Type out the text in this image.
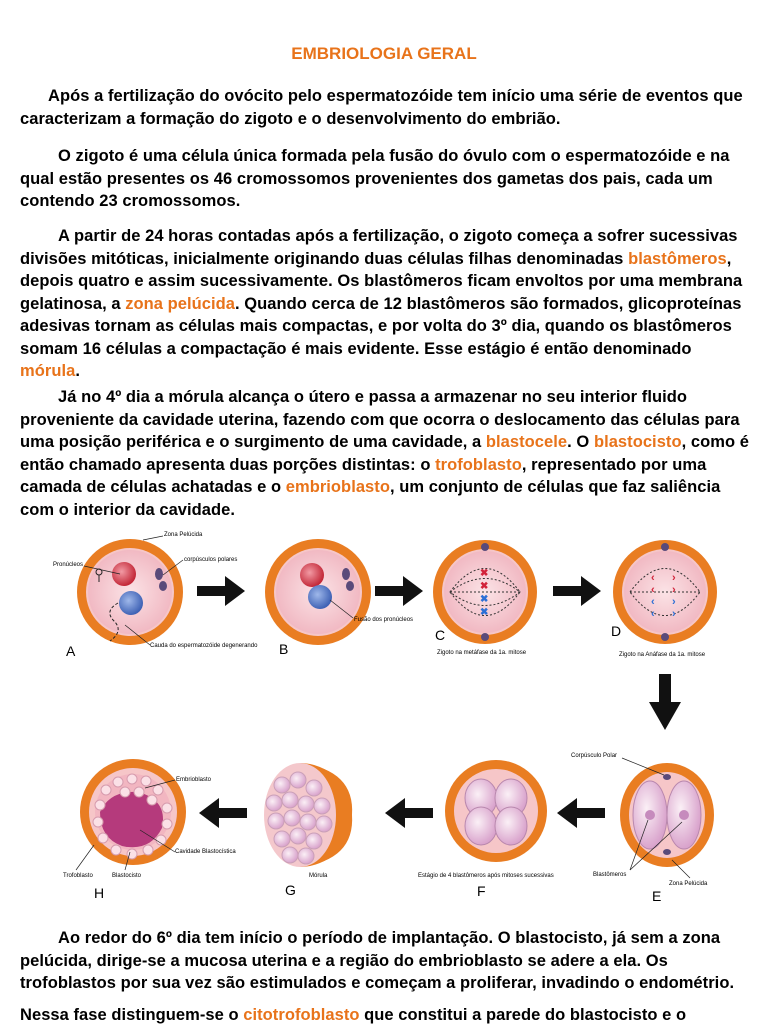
EMBRIOLOGIA GERAL
Após a fertilização do ovócito pelo espermatozóide tem início uma série de eventos que caracterizam a formação do zigoto e o desenvolvimento do embrião.
O zigoto é uma célula única formada pela fusão do óvulo com o espermatozóide e na qual estão presentes os 46 cromossomos provenientes dos gametas dos pais, cada um contendo 23 cromossomos.
A partir de 24 horas contadas após a fertilização, o zigoto começa a sofrer sucessivas divisões mitóticas, inicialmente originando duas células filhas denominadas blastômeros, depois quatro e assim sucessivamente. Os blastômeros ficam envoltos por uma membrana gelatinosa, a zona pelúcida. Quando cerca de 12 blastômeros são formados, glicoproteínas adesivas tornam as células mais compactas, e por volta do 3º dia, quando os blastômeros somam 16 células a compactação é mais evidente. Esse estágio é então denominado mórula.
Já no 4º dia a mórula alcança o útero e passa a armazenar no seu interior fluido proveniente da cavidade uterina, fazendo com que ocorra o deslocamento das células para uma posição periférica e o surgimento de uma cavidade, a blastocele. O blastocisto, como é então chamado apresenta duas porções distintas: o trofoblasto, representado por uma camada de células achatadas e o embrioblasto, um conjunto de células que faz saliência com o interior da cavidade.
Zona Pelúcida
Pronúcleos
corpúsculos polares
Cauda do espermatozóide degenerando
A
Fusão dos pronúcleos
B
✖
✖
✖
✖
C
Zigoto na metáfase da 1a. mitose
‹ ›
‹ ›
‹ ›
‹ ›
D
Zigoto na Anáfase da 1a. mitose
Corpúsculo Polar
Blastômeros
Zona Pelúcida
E
Estágio de 4 blastômeros após mitoses sucessivas
F
Mórula
G
Embrioblasto
Cavidade Blastocística
Trofoblasto	Blastocisto
H
Ao redor do 6º dia tem início o período de implantação. O blastocisto, já sem a zona pelúcida, dirige-se a mucosa uterina e a região do embrioblasto se adere a ela. Os trofoblastos por sua vez são estimulados e começam a proliferar, invadindo o endométrio.
Nessa fase distinguem-se o citotrofoblasto que constitui a parede do blastocisto e o
